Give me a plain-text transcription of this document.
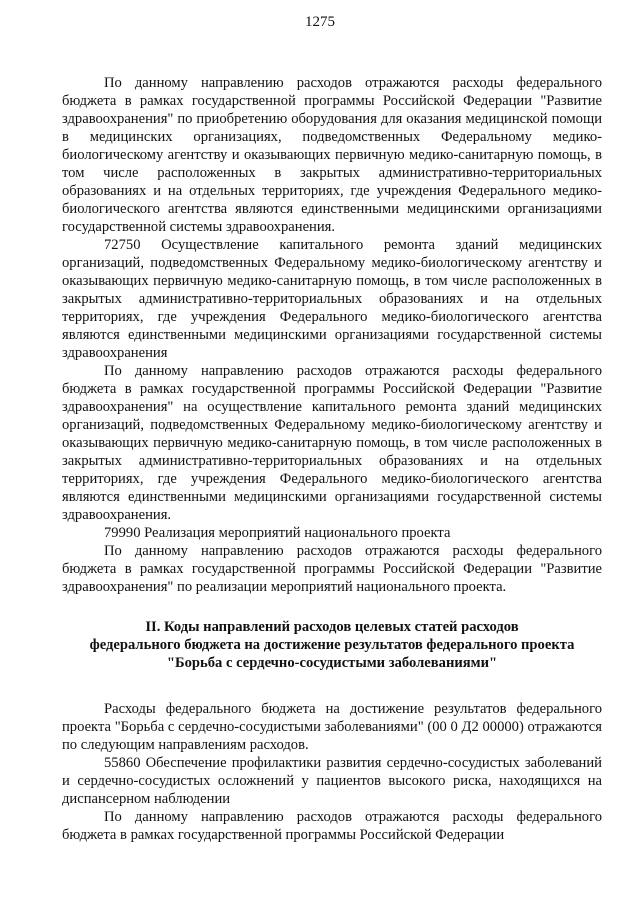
1275

По данному направлению расходов отражаются расходы федерального бюджета в рамках государственной программы Российской Федерации "Развитие здравоохранения" по приобретению оборудования для оказания медицинской помощи в медицинских организациях, подведомственных Федеральному медико-биологическому агентству и оказывающих первичную медико-санитарную помощь, в том числе расположенных в закрытых административно-территориальных образованиях и на отдельных территориях, где учреждения Федерального медико-биологического агентства являются единственными медицинскими организациями государственной системы здравоохранения.

72750 Осуществление капитального ремонта зданий медицинских организаций, подведомственных Федеральному медико-биологическому агентству и оказывающих первичную медико-санитарную помощь, в том числе расположенных в закрытых административно-территориальных образованиях и на отдельных территориях, где учреждения Федерального медико-биологического агентства являются единственными медицинскими организациями государственной системы здравоохранения

По данному направлению расходов отражаются расходы федерального бюджета в рамках государственной программы Российской Федерации "Развитие здравоохранения" на осуществление капитального ремонта зданий медицинских организаций, подведомственных Федеральному медико-биологическому агентству и оказывающих первичную медико-санитарную помощь, в том числе расположенных в закрытых административно-территориальных образованиях и на отдельных территориях, где учреждения Федерального медико-биологического агентства являются единственными медицинскими организациями государственной системы здравоохранения.

79990 Реализация мероприятий национального проекта

По данному направлению расходов отражаются расходы федерального бюджета в рамках государственной программы Российской Федерации "Развитие здравоохранения" по реализации мероприятий национального проекта.

II. Коды направлений расходов целевых статей расходов
федерального бюджета на достижение результатов федерального проекта
"Борьба с сердечно-сосудистыми заболеваниями"

Расходы федерального бюджета на достижение результатов федерального проекта "Борьба с сердечно-сосудистыми заболеваниями" (00 0 Д2 00000) отражаются по следующим направлениям расходов.

55860 Обеспечение профилактики развития сердечно-сосудистых заболеваний и сердечно-сосудистых осложнений у пациентов высокого риска, находящихся на диспансерном наблюдении

По данному направлению расходов отражаются расходы федерального бюджета в рамках государственной программы Российской Федерации
